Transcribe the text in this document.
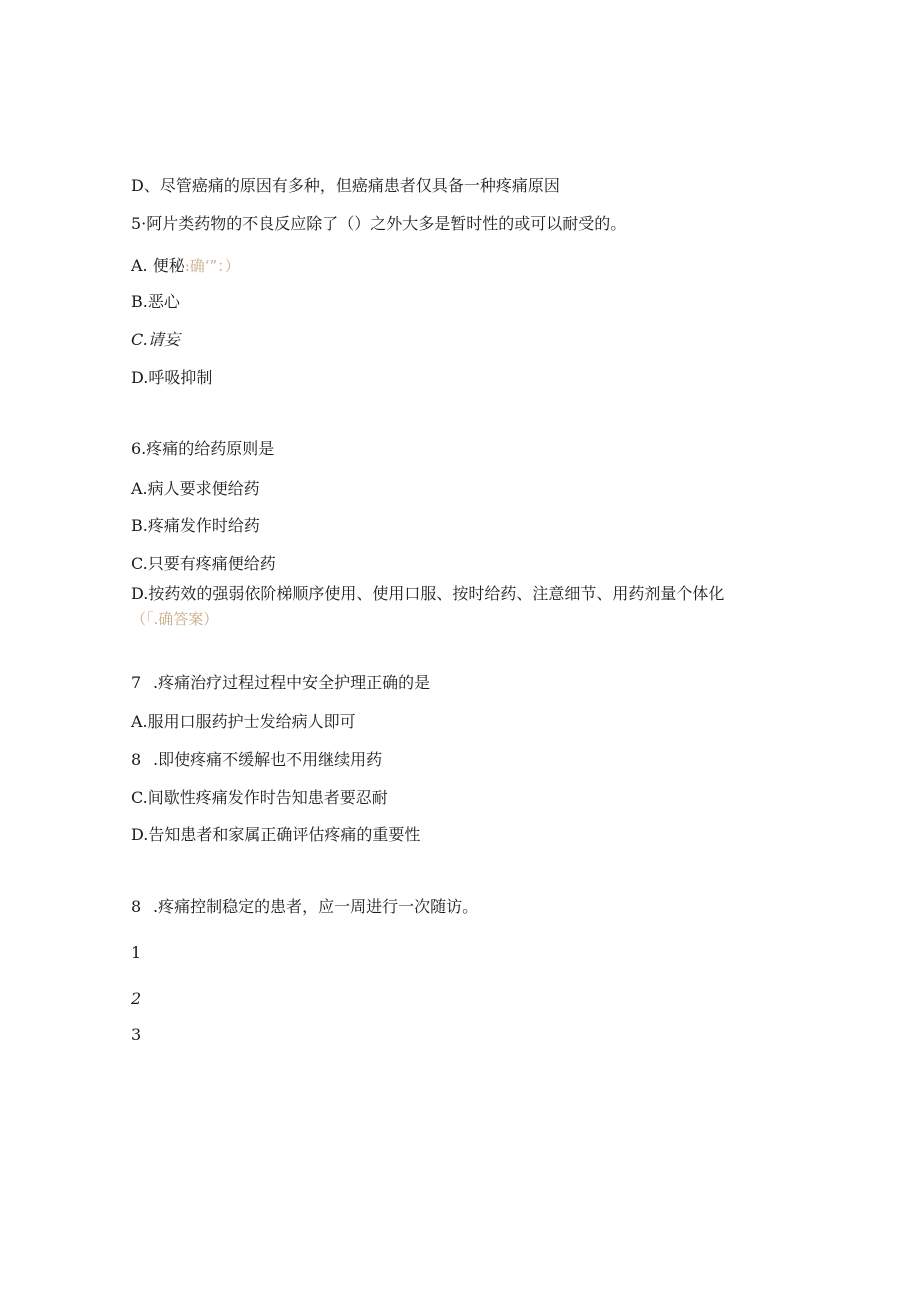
D、尽管癌痛的原因有多种，但癌痛患者仅具备一种疼痛原因
5·阿片类药物的不良反应除了（）之外大多是暂时性的或可以耐受的。
A. 便秘:确‘”：）
B.恶心
C.请妄
D.呼吸抑制
6.疼痛的给药原则是
A.病人要求便给药
B.疼痛发作时给药
C.只要有疼痛便给药
D.按药效的强弱依阶梯顺序使用、使用口服、按时给药、注意细节、用药剂量个体化
（「.确答案）
7 .疼痛治疗过程过程中安全护理正确的是
A.服用口服药护士发给病人即可
8 .即使疼痛不缓解也不用继续用药
C.间歇性疼痛发作时告知患者要忍耐
D.告知患者和家属正确评估疼痛的重要性
8 .疼痛控制稳定的患者，应一周进行一次随访。
1
2
3
